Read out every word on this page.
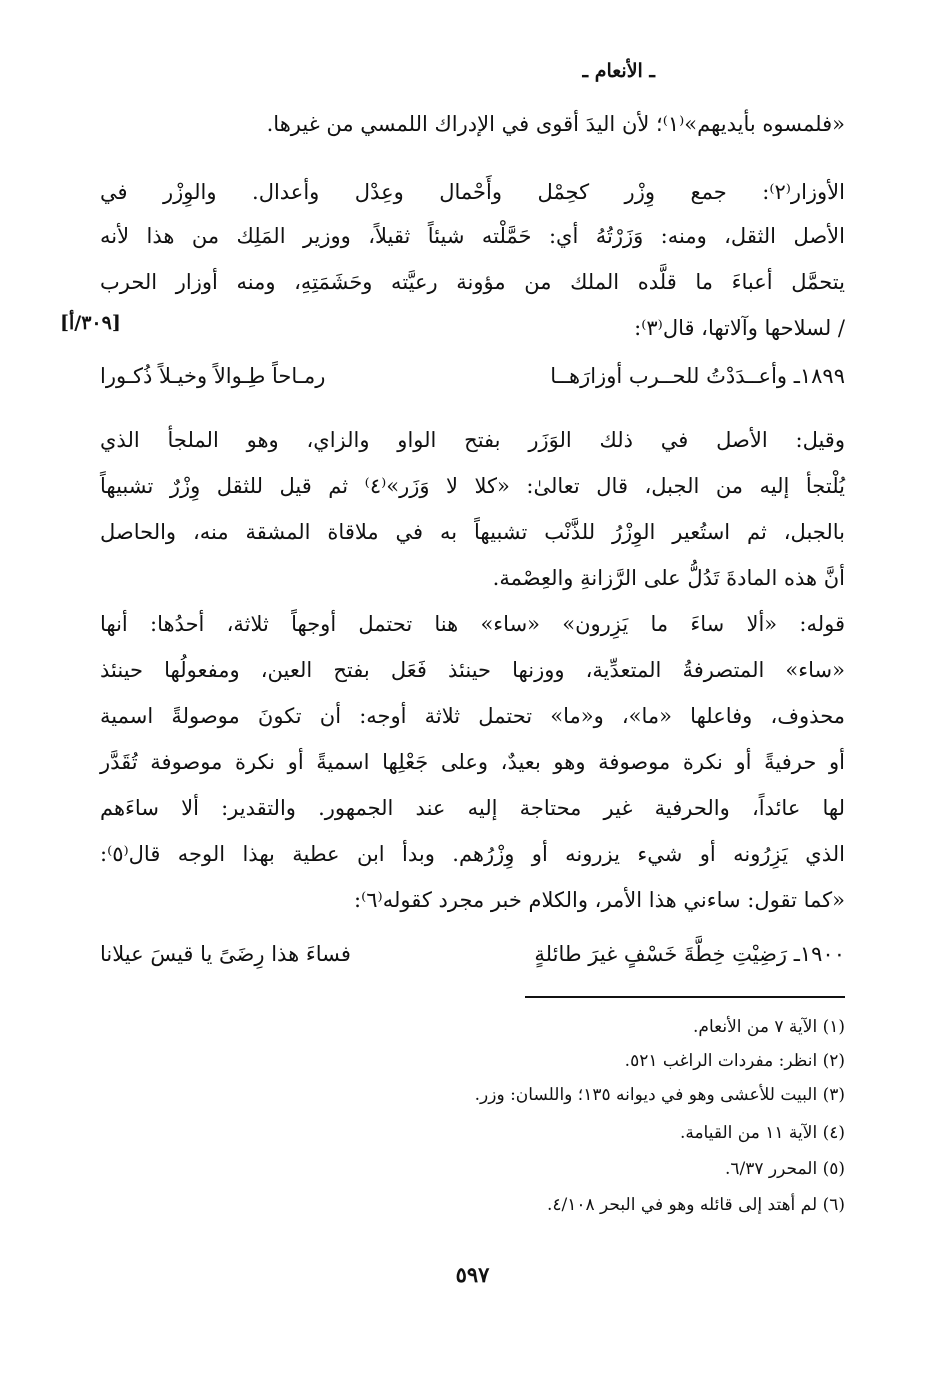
ـ الأنعام ـ
[٣٠٩/أ]
«فلمسوه بأيديهم»⁽١⁾؛ لأن اليدَ أقوى في الإدراك اللمسي من غيرها.
الأوزار⁽٢⁾: جمع وِزْر كحِمْل وأَحْمال وعِدْل وأعدال. والوِزْر في
الأصل الثقل، ومنه: وَزَرْتُهُ أي: حَمَّلْته شيئاً ثقيلاً، ووزير المَلِك من هذا لأنه
يتحمَّل أعباءَ ما قلَّده الملك من مؤونة رعيَّته وحَشَمَتِهِ، ومنه أوزار الحرب
/ لسلاحها وآلاتها، قال⁽٣⁾:
١٨٩٩ـ وأعــدَدْتُ للحــرب أوزارَهــا
رمـاحاً طِـوالاً وخيـلاً ذُكـورا
وقيل: الأصل في ذلك الوَزَر بفتح الواو والزاي، وهو الملجأ الذي
يُلْتجأ إليه من الجبل، قال تعالىٰ: «كلا لا وَزَر»⁽٤⁾ ثم قيل للثقل وِزْرٌ تشبيهاً
بالجبل، ثم استُعير الوِزْرُ للذَّنْب تشبيهاً به في ملاقاة المشقة منه، والحاصل
أنَّ هذه المادةَ تَدُلُّ على الرَّزانةِ والعِصْمة.
قوله: «ألا ساءَ ما يَزِرون» «ساء» هنا تحتمل أوجهاً ثلاثة، أحدُها: أنها
«ساء» المتصرفةُ المتعدِّية، ووزنها حينئذ فَعَل بفتح العين، ومفعولُها حينئذ
محذوف، وفاعلها «ما»، و«ما» تحتمل ثلاثة أوجه: أن تكونَ موصولةً اسمية
أو حرفيةً أو نكرة موصوفة وهو بعيدٌ، وعلى جَعْلِها اسميةً أو نكرة موصوفة تُقَدَّر
لها عائداً، والحرفية غير محتاجة إليه عند الجمهور. والتقدير: ألا ساءَهم
الذي يَزِرُونه أو شيء يزرونه أو وِزْرُهم. وبدأ ابن عطية بهذا الوجه قال⁽٥⁾:
«كما تقول: ساءني هذا الأمر، والكلام خبر مجرد كقوله⁽٦⁾:
١٩٠٠ـ رَضِيْتِ خِطَّةَ خَسْفٍ غيرَ طائلةٍ
فساءَ هذا رِضَىً يا قيسَ عيلانا
(١) الآية ٧ من الأنعام.
(٢) انظر: مفردات الراغب ٥٢١.
(٣) البيت للأعشى وهو في ديوانه ١٣٥؛ واللسان: وزر.
(٤) الآية ١١ من القيامة.
(٥) المحرر ٦/٣٧.
(٦) لم أهتد إلى قائله وهو في البحر ٤/١٠٨.
٥٩٧
